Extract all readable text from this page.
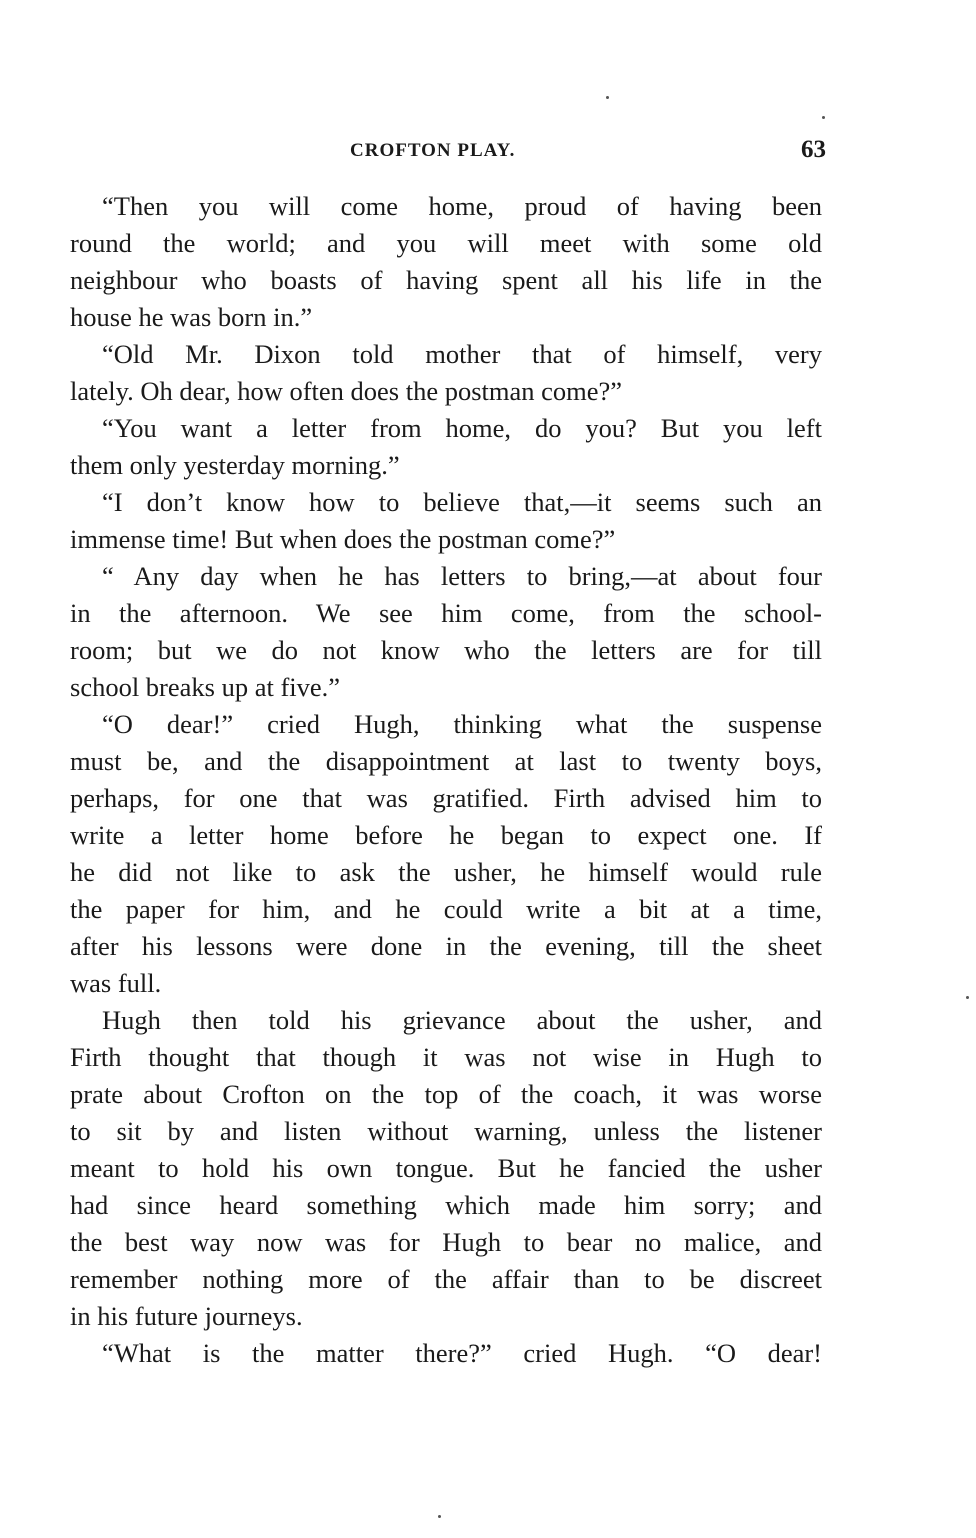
CROFTON PLAY.	63
“Then you will come home, proud of having been
round the world; and you will meet with some old
neighbour who boasts of having spent all his life in the
house he was born in.”
“Old Mr. Dixon told mother that of himself, very
lately. Oh dear, how often does the postman come?”
“You want a letter from home, do you? But you left
them only yesterday morning.”
“I don’t know how to believe that,—it seems such an
immense time! But when does the postman come?”
“ Any day when he has letters to bring,—at about four
in the afternoon. We see him come, from the school-
room; but we do not know who the letters are for till
school breaks up at five.”
“O dear!” cried Hugh, thinking what the suspense
must be, and the disappointment at last to twenty boys,
perhaps, for one that was gratified. Firth advised him to
write a letter home before he began to expect one. If
he did not like to ask the usher, he himself would rule
the paper for him, and he could write a bit at a time,
after his lessons were done in the evening, till the sheet
was full.
Hugh then told his grievance about the usher, and
Firth thought that though it was not wise in Hugh to
prate about Crofton on the top of the coach, it was worse
to sit by and listen without warning, unless the listener
meant to hold his own tongue. But he fancied the usher
had since heard something which made him sorry; and
the best way now was for Hugh to bear no malice, and
remember nothing more of the affair than to be discreet
in his future journeys.
“What is the matter there?” cried Hugh. “O dear!
